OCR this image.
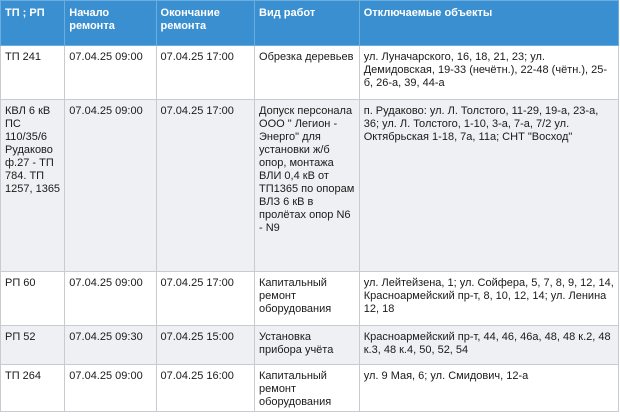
ТП ; РП	Начало ремонта	Окончание ремонта	Вид работ	Отключаемые объекты
ТП 241	07.04.25 09:00	07.04.25 17:00	Обрезка деревьев	ул. Луначарского, 16, 18, 21, 23; ул. Демидовская, 19-33 (нечётн.), 22-48 (чётн.), 25-б, 26-а, 39, 44-а
КВЛ 6 кВ ПС 110/35/6 Рудаково ф.27 - ТП 784. ТП 1257, 1365	07.04.25 09:00	07.04.25 17:00	Допуск персонала ООО " Легион - Энерго" для установки ж/б опор, монтажа ВЛИ 0,4 кВ от ТП1365 по опорам ВЛЗ 6 кВ в пролётах опор N6 - N9	п. Рудаково: ул. Л. Толстого, 11-29, 19-а, 23-а, 36; ул. Л. Толстого, 1-10, 3-а, 7-а, 7/2 ул. Октябрьская 1-18, 7а, 11а; СНТ "Восход"
РП 60	07.04.25 09:00	07.04.25 17:00	Капитальный ремонт оборудования	ул. Лейтейзена, 1; ул. Сойфера, 5, 7, 8, 9, 12, 14, Красноармейский пр-т, 8, 10, 12, 14; ул. Ленина 12, 18
РП 52	07.04.25 09:30	07.04.25 15:00	Установка прибора учёта	Красноармейский пр-т, 44, 46, 46а, 48, 48 к.2, 48 к.3, 48 к.4, 50, 52, 54
ТП 264	07.04.25 09:00	07.04.25 16:00	Капитальный ремонт оборудования	ул. 9 Мая, 6; ул. Смидович, 12-а
